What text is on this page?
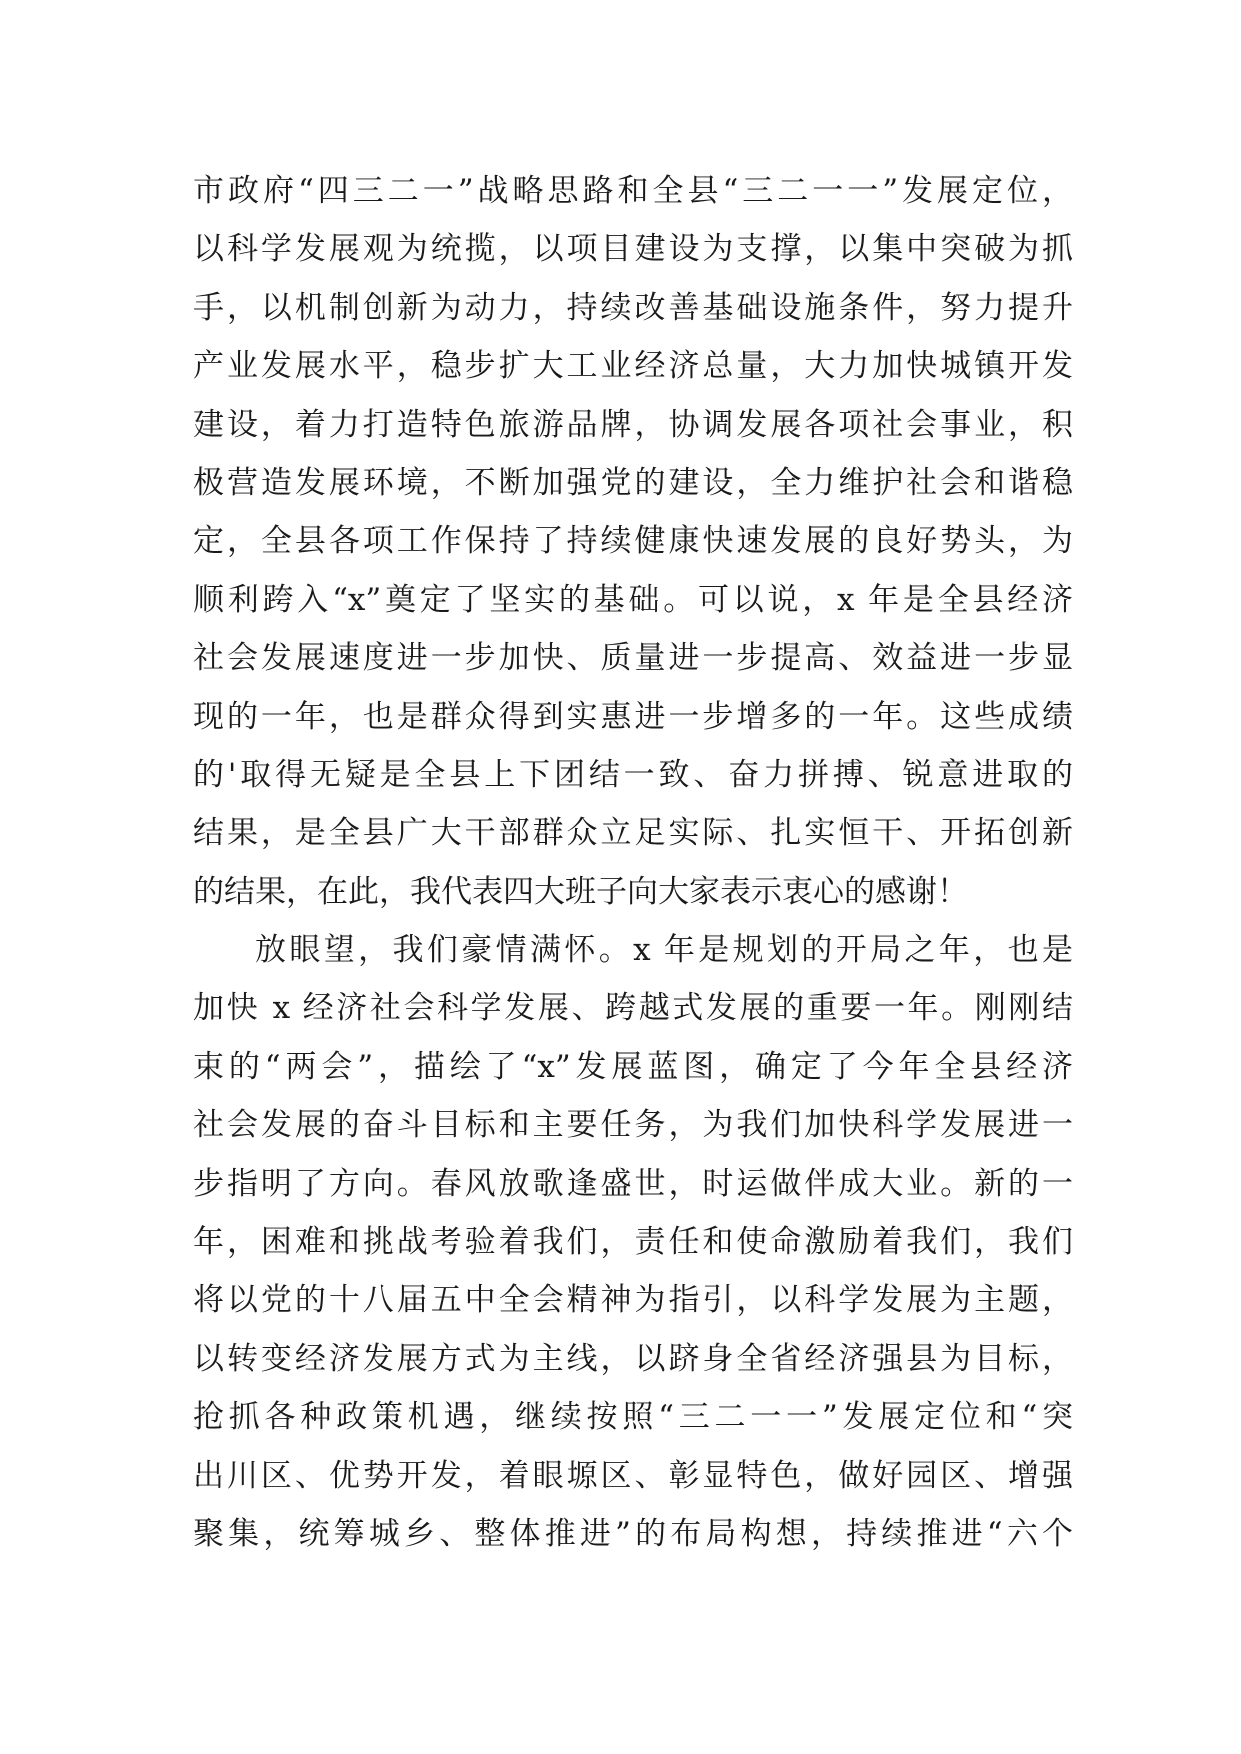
市政府“四三二一”战略思路和全县“三二一一”发展定位，
以科学发展观为统揽，以项目建设为支撑，以集中突破为抓
手，以机制创新为动力，持续改善基础设施条件，努力提升
产业发展水平，稳步扩大工业经济总量，大力加快城镇开发
建设，着力打造特色旅游品牌，协调发展各项社会事业，积
极营造发展环境，不断加强党的建设，全力维护社会和谐稳
定，全县各项工作保持了持续健康快速发展的良好势头，为
顺利跨入“x”奠定了坚实的基础。可以说，x 年是全县经济
社会发展速度进一步加快、质量进一步提高、效益进一步显
现的一年，也是群众得到实惠进一步增多的一年。这些成绩
的'取得无疑是全县上下团结一致、奋力拼搏、锐意进取的
结果，是全县广大干部群众立足实际、扎实恒干、开拓创新
的结果，在此，我代表四大班子向大家表示衷心的感谢！
放眼望，我们豪情满怀。x 年是规划的开局之年，也是
加快 x 经济社会科学发展、跨越式发展的重要一年。刚刚结
束的“两会”，描绘了“x”发展蓝图，确定了今年全县经济
社会发展的奋斗目标和主要任务，为我们加快科学发展进一
步指明了方向。春风放歌逢盛世，时运做伴成大业。新的一
年，困难和挑战考验着我们，责任和使命激励着我们，我们
将以党的十八届五中全会精神为指引，以科学发展为主题，
以转变经济发展方式为主线，以跻身全省经济强县为目标，
抢抓各种政策机遇，继续按照“三二一一”发展定位和“突
出川区、优势开发，着眼塬区、彰显特色，做好园区、增强
聚集，统筹城乡、整体推进”的布局构想，持续推进“六个
